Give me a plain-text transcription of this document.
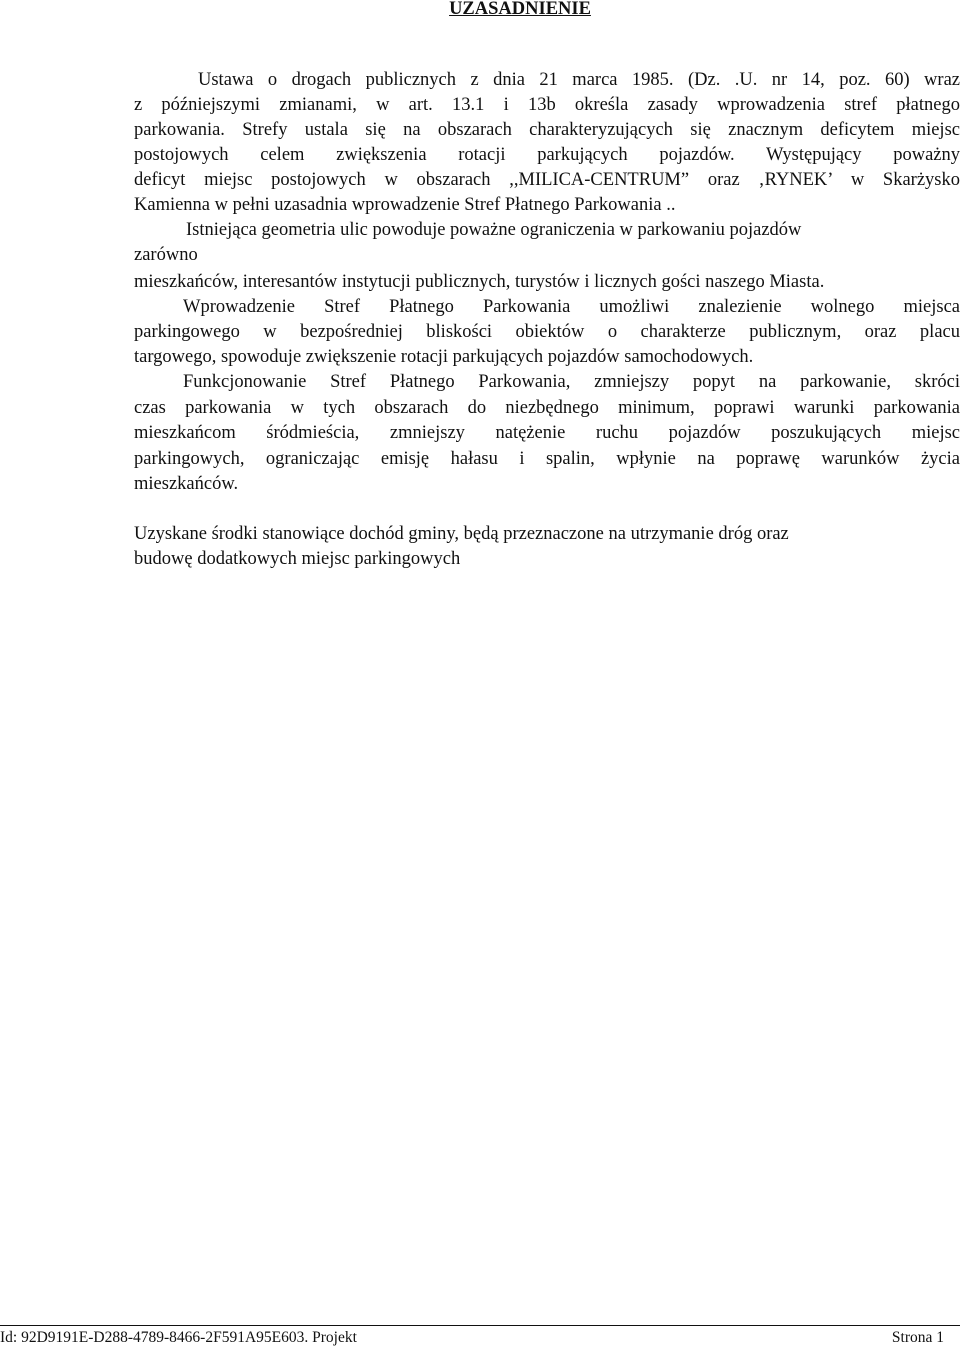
UZASADNIENIE
Ustawa o drogach publicznych z dnia 21 marca 1985. (Dz. .U. nr 14, poz. 60) wraz
z późniejszymi zmianami, w art. 13.1 i 13b określa zasady wprowadzenia stref płatnego
parkowania. Strefy ustala się na obszarach charakteryzujących się znacznym deficytem miejsc
postojowych celem zwiększenia rotacji parkujących pojazdów. Występujący poważny
deficyt miejsc postojowych w obszarach ,,MILICA-CENTRUM” oraz ‚RYNEK’ w Skarżysko
Kamienna w pełni uzasadnia wprowadzenie Stref Płatnego Parkowania ..
Istniejąca geometria ulic powoduje poważne ograniczenia w parkowaniu pojazdów
zarówno
mieszkańców, interesantów instytucji publicznych, turystów i licznych gości naszego Miasta.
Wprowadzenie Stref Płatnego Parkowania umożliwi znalezienie wolnego miejsca
parkingowego w bezpośredniej bliskości obiektów o charakterze publicznym, oraz placu
targowego, spowoduje zwiększenie rotacji parkujących pojazdów samochodowych.
Funkcjonowanie Stref Płatnego Parkowania, zmniejszy popyt na parkowanie, skróci
czas parkowania w tych obszarach do niezbędnego minimum, poprawi warunki parkowania
mieszkańcom śródmieścia, zmniejszy natężenie ruchu pojazdów poszukujących miejsc
parkingowych, ograniczając emisję hałasu i spalin, wpłynie na poprawę warunków życia
mieszkańców.
Uzyskane środki stanowiące dochód gminy, będą przeznaczone na utrzymanie dróg oraz
budowę dodatkowych miejsc parkingowych
Id: 92D9191E-D288-4789-8466-2F591A95E603. Projekt	Strona 1
